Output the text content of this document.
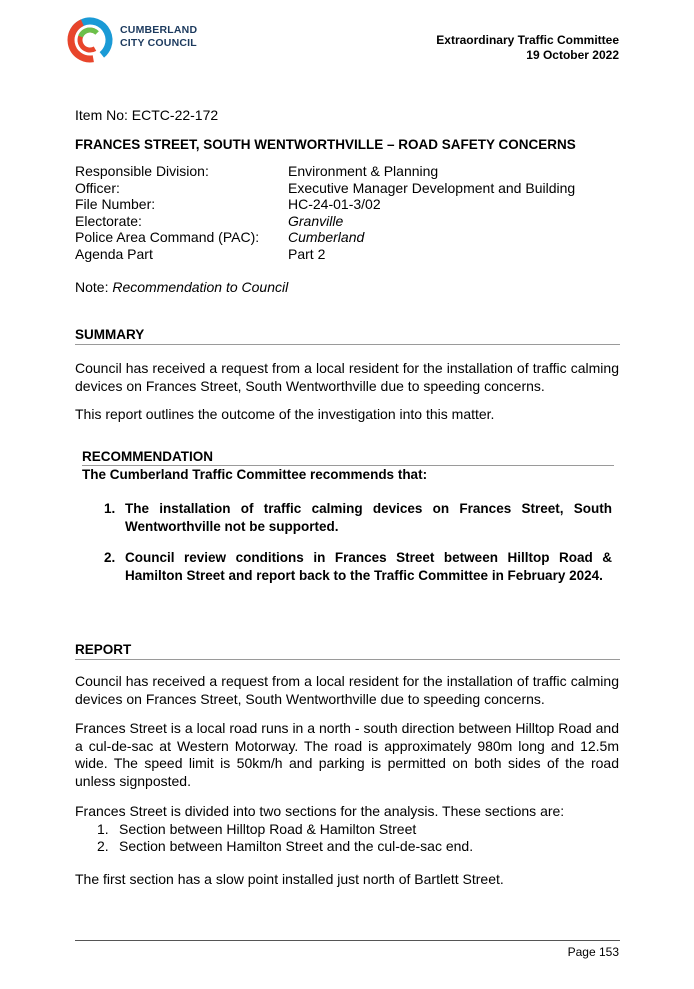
CUMBERLAND
CITY COUNCIL	Extraordinary Traffic Committee
19 October 2022
Item No: ECTC-22-172
FRANCES STREET, SOUTH WENTWORTHVILLE – ROAD SAFETY CONCERNS
Responsible Division:	Environment & Planning
Officer:	Executive Manager Development and Building
File Number:	HC-24-01-3/02
Electorate:	Granville
Police Area Command (PAC):	Cumberland
Agenda Part	Part 2
Note: Recommendation to Council
SUMMARY
Council has received a request from a local resident for the installation of traffic calming devices on Frances Street, South Wentworthville due to speeding concerns.
This report outlines the outcome of the investigation into this matter.
RECOMMENDATION
The Cumberland Traffic Committee recommends that:
1. The installation of traffic calming devices on Frances Street, South Wentworthville not be supported.
2. Council review conditions in Frances Street between Hilltop Road & Hamilton Street and report back to the Traffic Committee in February 2024.
REPORT
Council has received a request from a local resident for the installation of traffic calming devices on Frances Street, South Wentworthville due to speeding concerns.
Frances Street is a local road runs in a north - south direction between Hilltop Road and a cul-de-sac at Western Motorway. The road is approximately 980m long and 12.5m wide. The speed limit is 50km/h and parking is permitted on both sides of the road unless signposted.
Frances Street is divided into two sections for the analysis. These sections are:
1. Section between Hilltop Road & Hamilton Street
2. Section between Hamilton Street and the cul-de-sac end.
The first section has a slow point installed just north of Bartlett Street.
Page 153
